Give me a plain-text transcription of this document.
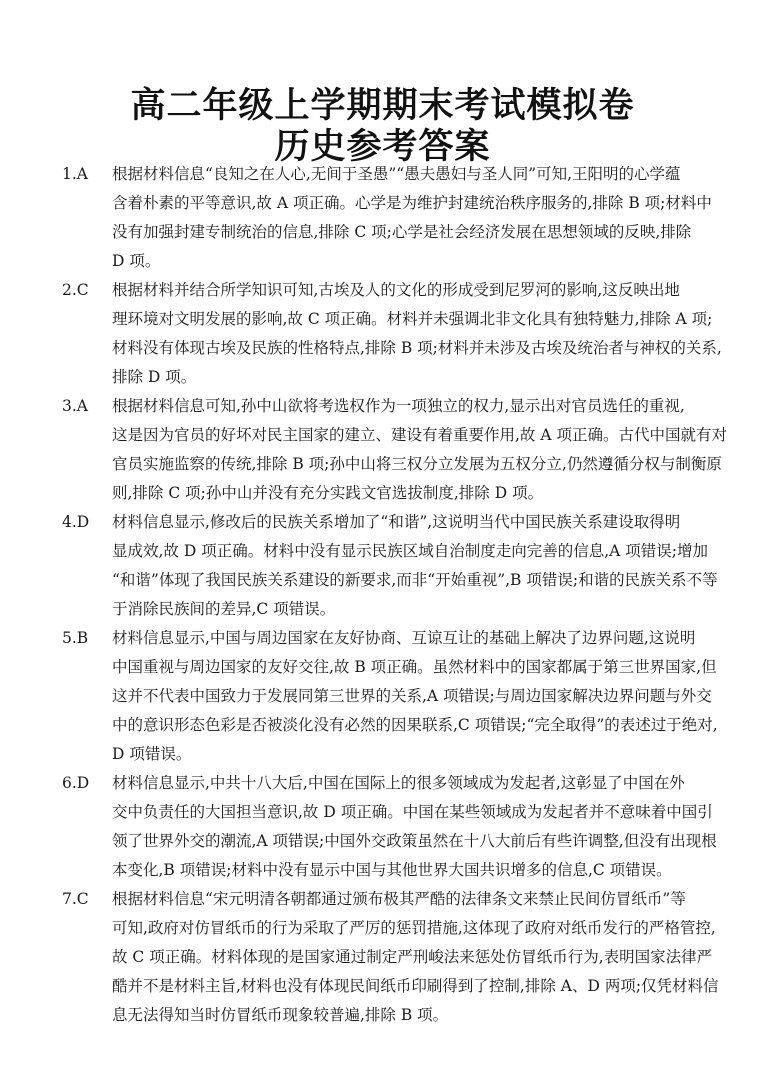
高二年级上学期期末考试模拟卷
历史参考答案
1.A	根据材料信息“良知之在人心,无间于圣愚”“愚夫愚妇与圣人同”可知,王阳明的心学蕴
含着朴素的平等意识,故 A 项正确。心学是为维护封建统治秩序服务的,排除 B 项;材料中
没有加强封建专制统治的信息,排除 C 项;心学是社会经济发展在思想领域的反映,排除
D 项。
2.C	根据材料并结合所学知识可知,古埃及人的文化的形成受到尼罗河的影响,这反映出地
理环境对文明发展的影响,故 C 项正确。材料并未强调北非文化具有独特魅力,排除 A 项;
材料没有体现古埃及民族的性格特点,排除 B 项;材料并未涉及古埃及统治者与神权的关系,
排除 D 项。
3.A	根据材料信息可知,孙中山欲将考选权作为一项独立的权力,显示出对官员选任的重视,
这是因为官员的好坏对民主国家的建立、建设有着重要作用,故 A 项正确。古代中国就有对
官员实施监察的传统,排除 B 项;孙中山将三权分立发展为五权分立,仍然遵循分权与制衡原
则,排除 C 项;孙中山并没有充分实践文官选拔制度,排除 D 项。
4.D	材料信息显示,修改后的民族关系增加了“和谐”,这说明当代中国民族关系建设取得明
显成效,故 D 项正确。材料中没有显示民族区域自治制度走向完善的信息,A 项错误;增加
“和谐”体现了我国民族关系建设的新要求,而非“开始重视”,B 项错误;和谐的民族关系不等
于消除民族间的差异,C 项错误。
5.B	材料信息显示,中国与周边国家在友好协商、互谅互让的基础上解决了边界问题,这说明
中国重视与周边国家的友好交往,故 B 项正确。虽然材料中的国家都属于第三世界国家,但
这并不代表中国致力于发展同第三世界的关系,A 项错误;与周边国家解决边界问题与外交
中的意识形态色彩是否被淡化没有必然的因果联系,C 项错误;“完全取得”的表述过于绝对,
D 项错误。
6.D	材料信息显示,中共十八大后,中国在国际上的很多领域成为发起者,这彰显了中国在外
交中负责任的大国担当意识,故 D 项正确。中国在某些领域成为发起者并不意味着中国引
领了世界外交的潮流,A 项错误;中国外交政策虽然在十八大前后有些许调整,但没有出现根
本变化,B 项错误;材料中没有显示中国与其他世界大国共识增多的信息,C 项错误。
7.C	根据材料信息“宋元明清各朝都通过颁布极其严酷的法律条文来禁止民间仿冒纸币”等
可知,政府对仿冒纸币的行为采取了严厉的惩罚措施,这体现了政府对纸币发行的严格管控,
故 C 项正确。材料体现的是国家通过制定严刑峻法来惩处仿冒纸币行为,表明国家法律严
酷并不是材料主旨,材料也没有体现民间纸币印刷得到了控制,排除 A、D 两项;仅凭材料信
息无法得知当时仿冒纸币现象较普遍,排除 B 项。
